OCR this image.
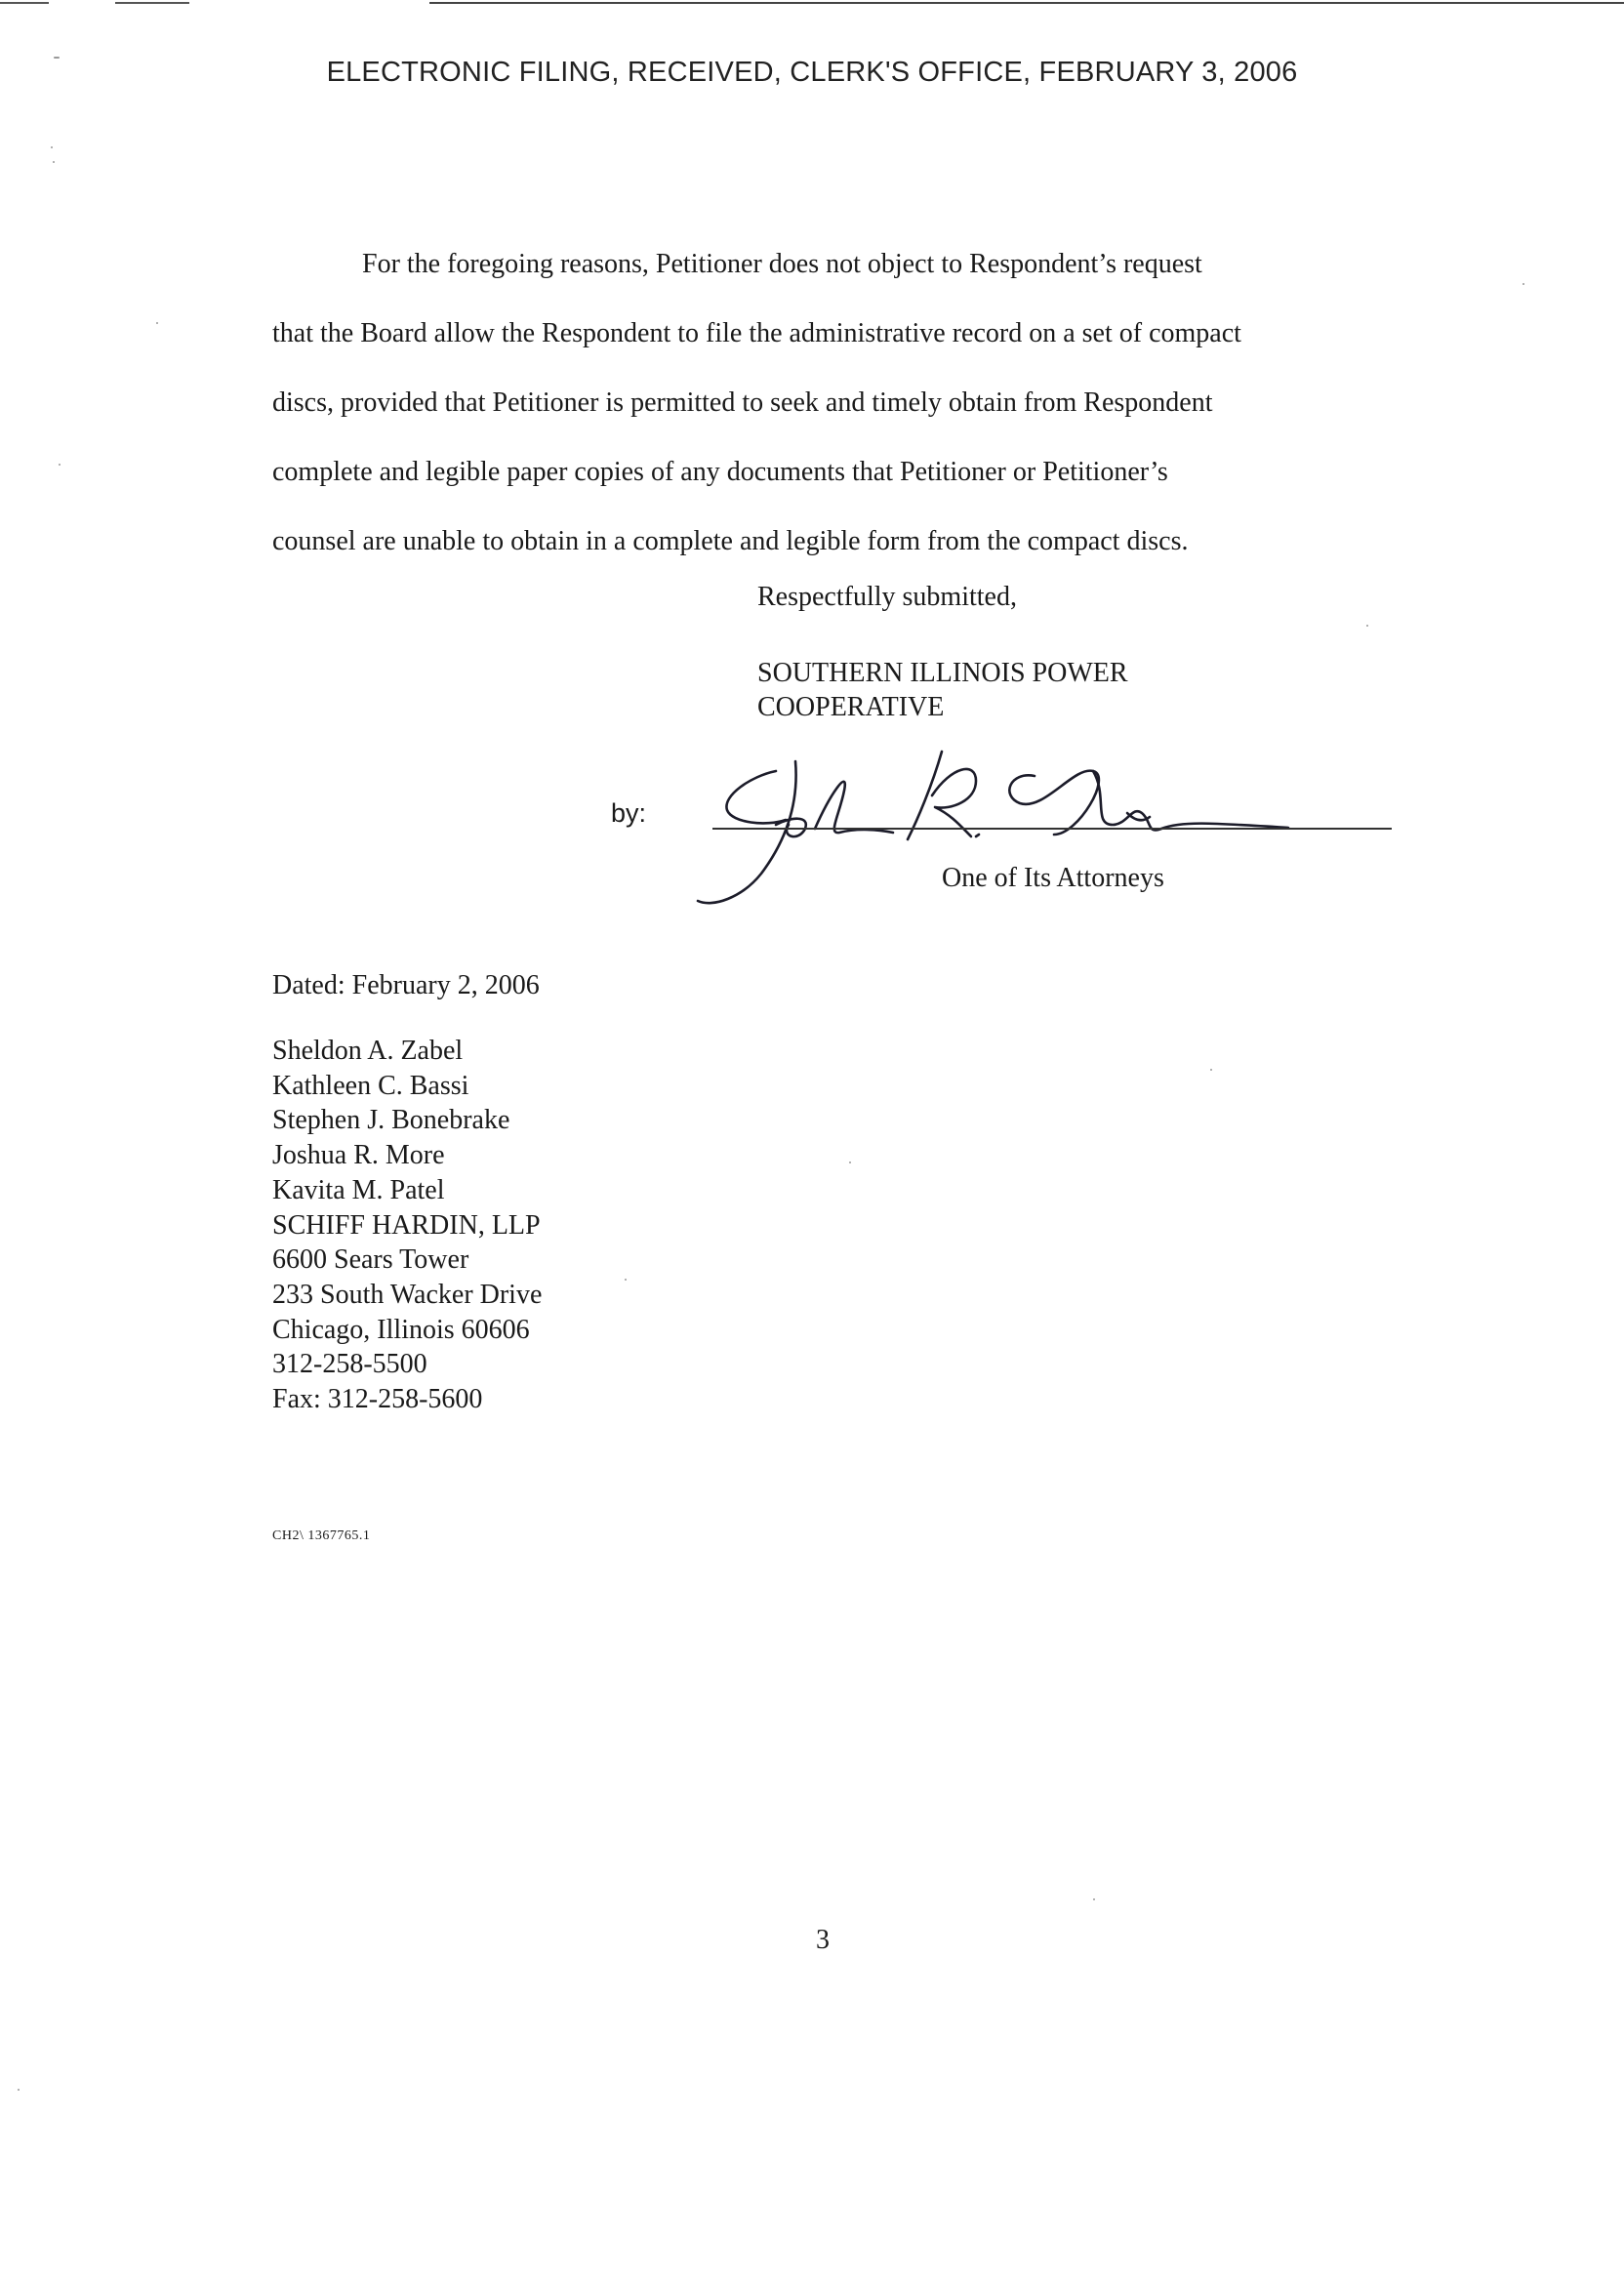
ELECTRONIC FILING, RECEIVED, CLERK'S OFFICE, FEBRUARY 3, 2006

For the foregoing reasons, Petitioner does not object to Respondent’s request
that the Board allow the Respondent to file the administrative record on a set of compact
discs, provided that Petitioner is permitted to seek and timely obtain from Respondent
complete and legible paper copies of any documents that Petitioner or Petitioner’s
counsel are unable to obtain in a complete and legible form from the compact discs.

Respectfully submitted,
SOUTHERN ILLINOIS POWER
COOPERATIVE
by:
One of Its Attorneys
Dated: February 2, 2006
Sheldon A. Zabel
Kathleen C. Bassi
Stephen J. Bonebrake
Joshua R. More
Kavita M. Patel
SCHIFF HARDIN, LLP
6600 Sears Tower
233 South Wacker Drive
Chicago, Illinois 60606
312-258-5500
Fax: 312-258-5600
CH2\ 1367765.1
3
